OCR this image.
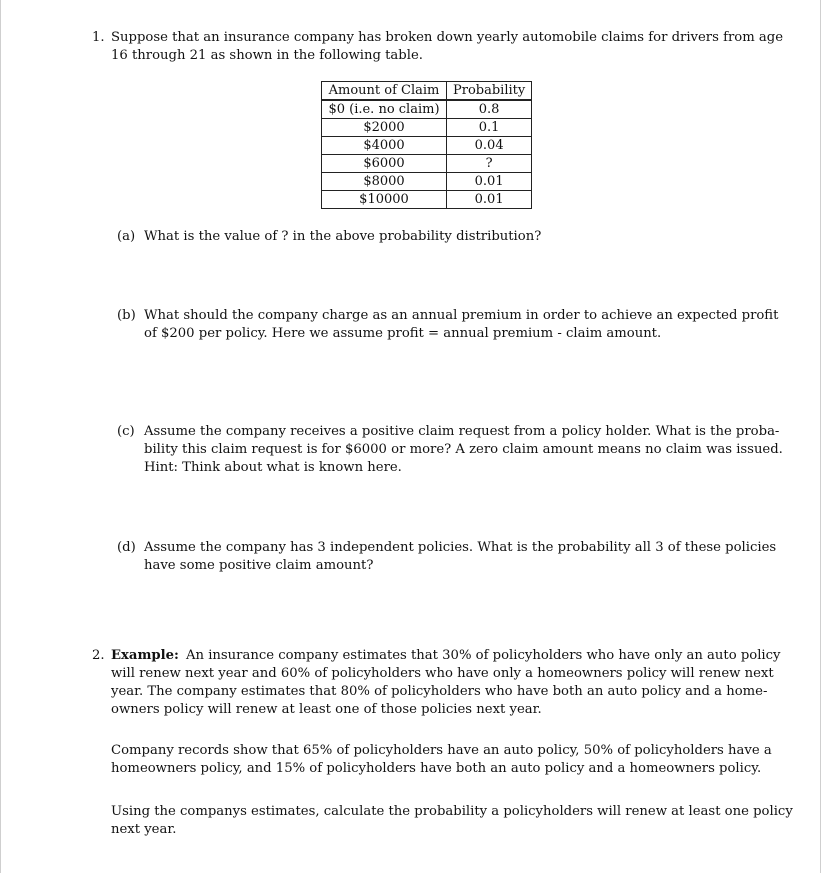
1. Suppose that an insurance company has broken down yearly automobile claims for drivers from age
16 through 21 as shown in the following table.
Amount of Claim	Probability
$0 (i.e. no claim)	0.8
$2000	0.1
$4000	0.04
$6000	?
$8000	0.01
$10000	0.01
(a) What is the value of ? in the above probability distribution?
(b) What should the company charge as an annual premium in order to achieve an expected profit
of $200 per policy. Here we assume profit = annual premium - claim amount.
(c) Assume the company receives a positive claim request from a policy holder. What is the proba-
bility this claim request is for $6000 or more? A zero claim amount means no claim was issued.
Hint: Think about what is known here.
(d) Assume the company has 3 independent policies. What is the probability all 3 of these policies
have some positive claim amount?
2. Example: An insurance company estimates that 30% of policyholders who have only an auto policy
will renew next year and 60% of policyholders who have only a homeowners policy will renew next
year. The company estimates that 80% of policyholders who have both an auto policy and a home-
owners policy will renew at least one of those policies next year.
Company records show that 65% of policyholders have an auto policy, 50% of policyholders have a
homeowners policy, and 15% of policyholders have both an auto policy and a homeowners policy.
Using the companys estimates, calculate the probability a policyholders will renew at least one policy
next year.
